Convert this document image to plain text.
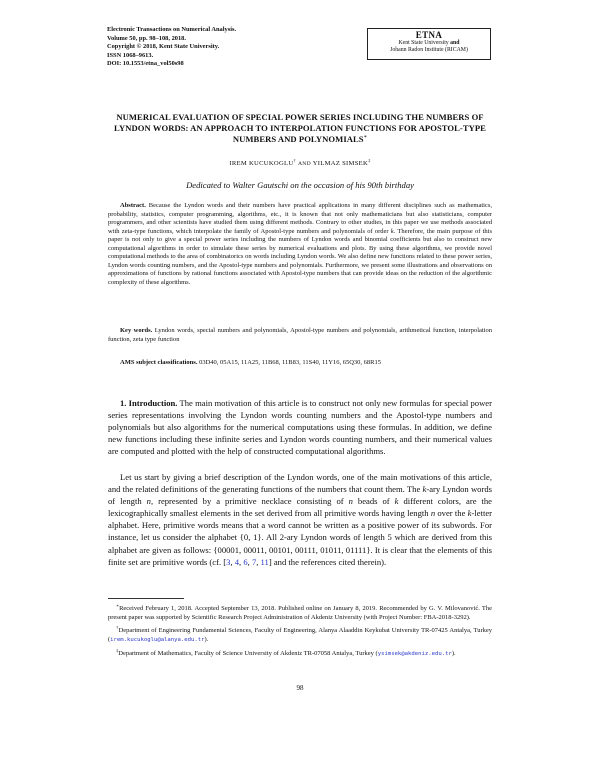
Electronic Transactions on Numerical Analysis.
Volume 50, pp. 98–108, 2018.
Copyright © 2018, Kent State University.
ISSN 1068–9613.
DOI: 10.1553/etna_vol50s98
ETNA
Kent State University and
Johann Radon Institute (RICAM)
NUMERICAL EVALUATION OF SPECIAL POWER SERIES INCLUDING THE NUMBERS OF LYNDON WORDS: AN APPROACH TO INTERPOLATION FUNCTIONS FOR APOSTOL-TYPE NUMBERS AND POLYNOMIALS∗
IREM KUCUKOGLU† AND YILMAZ SIMSEK‡
Dedicated to Walter Gautschi on the occasion of his 90th birthday

Abstract. Because the Lyndon words and their numbers have practical applications in many different disciplines such as mathematics, probability, statistics, computer programming, algorithms, etc., it is known that not only mathematicians but also statisticians, computer programmers, and other scientists have studied them using different methods. Contrary to other studies, in this paper we use methods associated with zeta-type functions, which interpolate the family of Apostol-type numbers and polynomials of order k. Therefore, the main purpose of this paper is not only to give a special power series including the numbers of Lyndon words and binomial coefficients but also to construct new computational algorithms in order to simulate these series by numerical evaluations and plots. By using these algorithms, we provide novel computational methods to the area of combinatorics on words including Lyndon words. We also define new functions related to these power series, Lyndon words counting numbers, and the Apostol-type numbers and polynomials. Furthermore, we present some illustrations and observations on approximations of functions by rational functions associated with Apostol-type numbers that can provide ideas on the reduction of the algorithmic complexity of these algorithms.

Key words. Lyndon words, special numbers and polynomials, Apostol-type numbers and polynomials, arithmetical function, interpolation function, zeta type function

AMS subject classifications. 03D40, 05A15, 11A25, 11B68, 11B83, 11S40, 11Y16, 65Q30, 68R15

1. Introduction. The main motivation of this article is to construct not only new formulas for special power series representations involving the Lyndon words counting numbers and the Apostol-type numbers and polynomials but also algorithms for the numerical computations using these formulas. In addition, we define new functions including these infinite series and Lyndon words counting numbers, and their numerical values are computed and plotted with the help of constructed computational algorithms.

Let us start by giving a brief description of the Lyndon words, one of the main motivations of this article, and the related definitions of the generating functions of the numbers that count them. The k-ary Lyndon words of length n, represented by a primitive necklace consisting of n beads of k different colors, are the lexicographically smallest elements in the set derived from all primitive words having length n over the k-letter alphabet. Here, primitive words means that a word cannot be written as a positive power of its subwords. For instance, let us consider the alphabet {0, 1}. All 2-ary Lyndon words of length 5 which are derived from this alphabet are given as follows: {00001, 00011, 00101, 00111, 01011, 01111}. It is clear that the elements of this finite set are primitive words (cf. [3, 4, 6, 7, 11] and the references cited therein).

∗Received February 1, 2018. Accepted September 13, 2018. Published online on January 8, 2019. Recommended by G. V. Milovanović. The present paper was supported by Scientific Research Project Administration of Akdeniz University (with Project Number: FBA-2018-3292).

†Department of Engineering Fundamental Sciences, Faculty of Engineering, Alanya Alaaddin Keykubat University TR-07425 Antalya, Turkey (irem.kucukoglu@alanya.edu.tr).

‡Department of Mathematics, Faculty of Science University of Akdeniz TR-07058 Antalya, Turkey (ysimsek@akdeniz.edu.tr).

98
